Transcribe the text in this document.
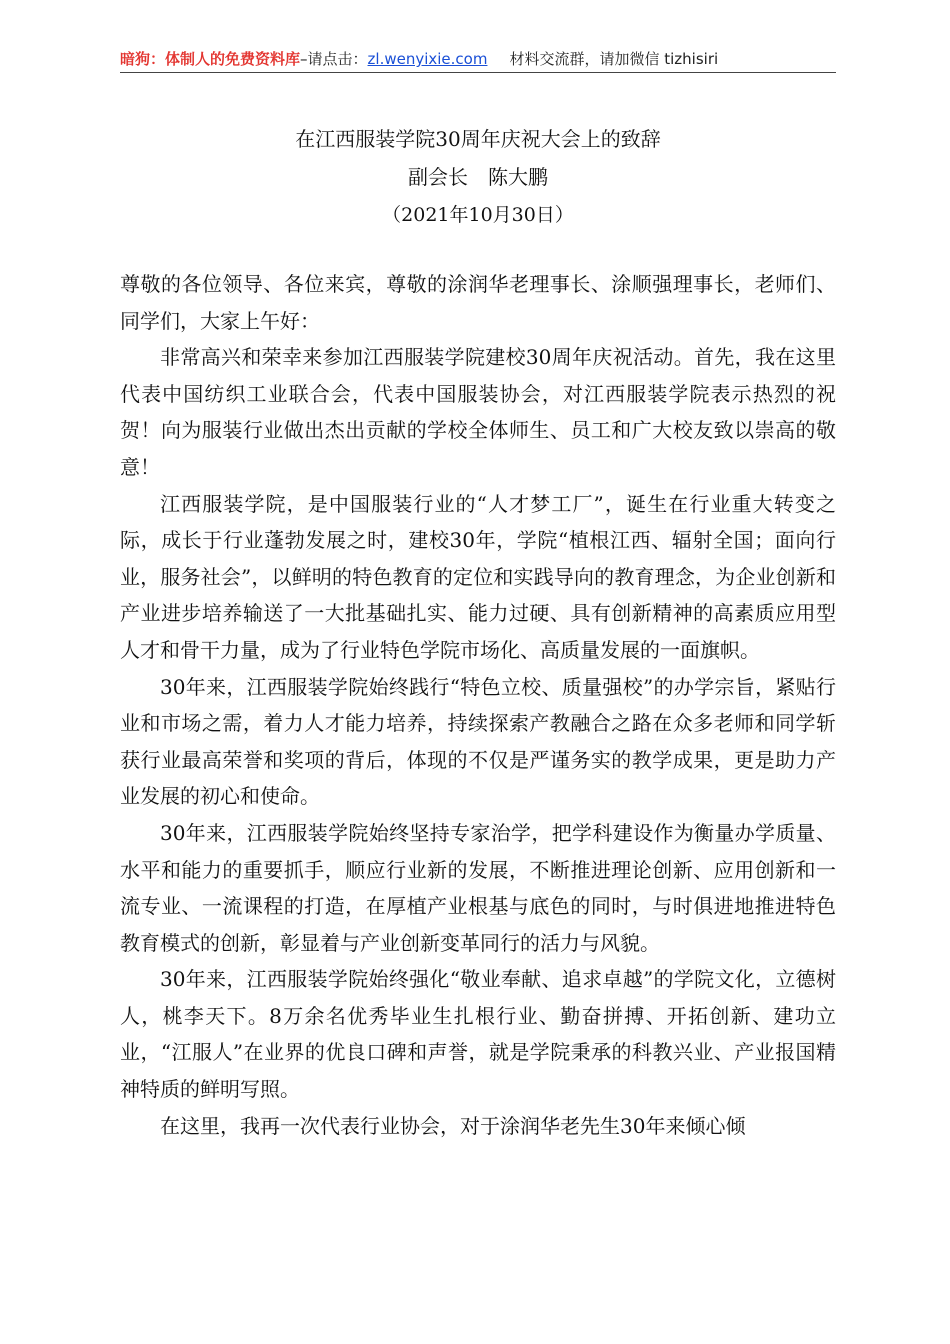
暗狗：体制人的免费资料库–请点击：zl.wenyixie.com 材料交流群，请加微信 tizhisiri
在江西服装学院30周年庆祝大会上的致辞
副会长　陈大鹏
（2021年10月30日）

尊敬的各位领导、各位来宾，尊敬的涂润华老理事长、涂顺强理事长，老师们、同学们，大家上午好：

非常高兴和荣幸来参加江西服装学院建校30周年庆祝活动。首先，我在这里代表中国纺织工业联合会，代表中国服装协会，对江西服装学院表示热烈的祝贺！向为服装行业做出杰出贡献的学校全体师生、员工和广大校友致以崇高的敬意！

江西服装学院，是中国服装行业的“人才梦工厂”，诞生在行业重大转变之际，成长于行业蓬勃发展之时，建校30年，学院“植根江西、辐射全国；面向行业，服务社会”，以鲜明的特色教育的定位和实践导向的教育理念，为企业创新和产业进步培养输送了一大批基础扎实、能力过硬、具有创新精神的高素质应用型人才和骨干力量，成为了行业特色学院市场化、高质量发展的一面旗帜。

30年来，江西服装学院始终践行“特色立校、质量强校”的办学宗旨，紧贴行业和市场之需，着力人才能力培养，持续探索产教融合之路在众多老师和同学斩获行业最高荣誉和奖项的背后，体现的不仅是严谨务实的教学成果，更是助力产业发展的初心和使命。

30年来，江西服装学院始终坚持专家治学，把学科建设作为衡量办学质量、水平和能力的重要抓手，顺应行业新的发展，不断推进理论创新、应用创新和一流专业、一流课程的打造，在厚植产业根基与底色的同时，与时俱进地推进特色教育模式的创新，彰显着与产业创新变革同行的活力与风貌。

30年来，江西服装学院始终强化“敬业奉献、追求卓越”的学院文化，立德树人，桃李天下。8万余名优秀毕业生扎根行业、勤奋拼搏、开拓创新、建功立业，“江服人”在业界的优良口碑和声誉，就是学院秉承的科教兴业、产业报国精神特质的鲜明写照。

在这里，我再一次代表行业协会，对于涂润华老先生30年来倾心倾
